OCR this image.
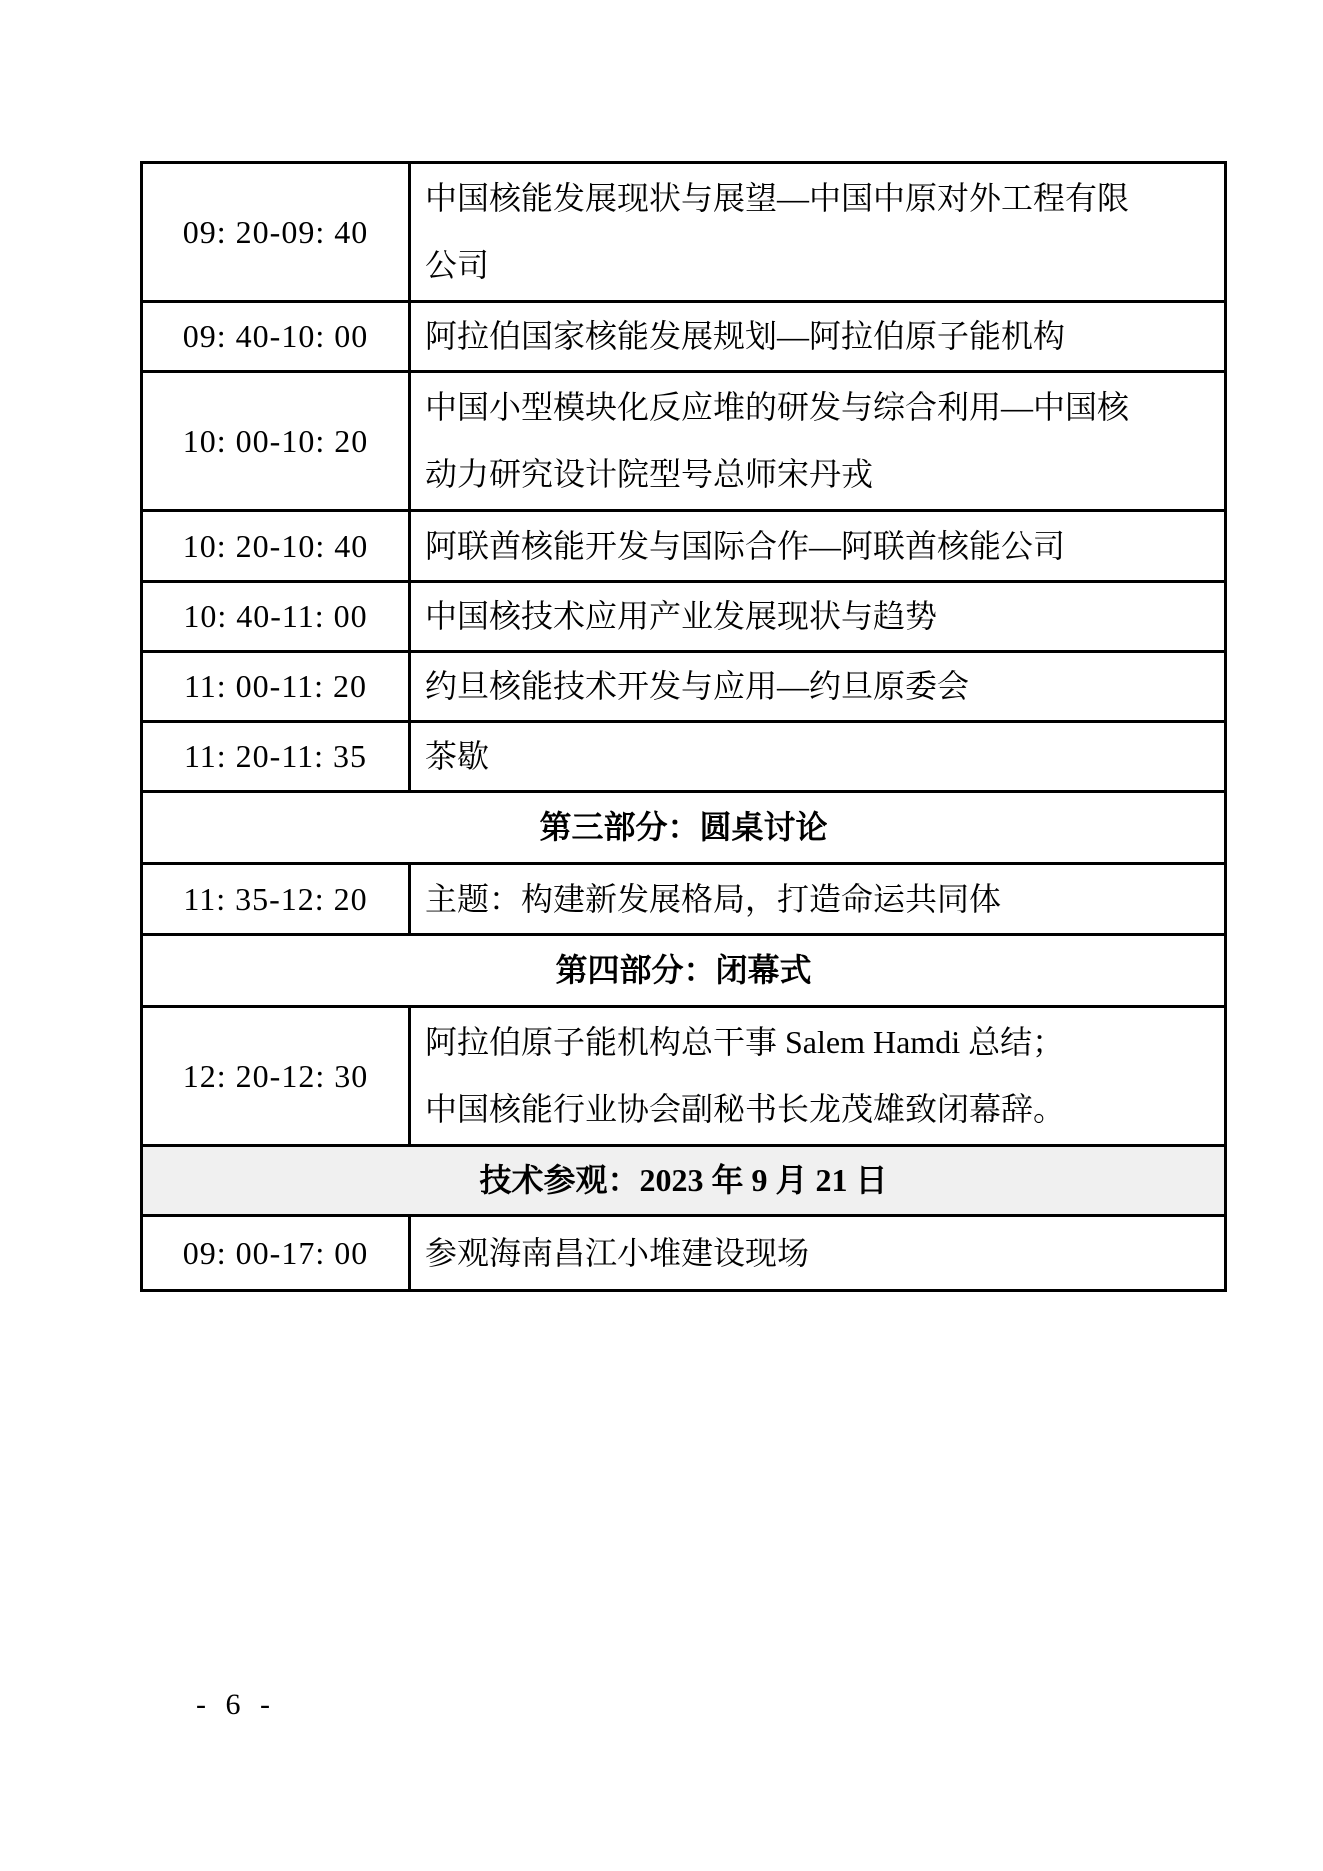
09: 20-09: 40	中国核能发展现状与展望—中国中原对外工程有限
公司

09: 40-10: 00	阿拉伯国家核能发展规划—阿拉伯原子能机构

10: 00-10: 20	中国小型模块化反应堆的研发与综合利用—中国核
动力研究设计院型号总师宋丹戎

10: 20-10: 40	阿联酋核能开发与国际合作—阿联酋核能公司

10: 40-11: 00	中国核技术应用产业发展现状与趋势

11: 00-11: 20	约旦核能技术开发与应用—约旦原委会

11: 20-11: 35	茶歇

第三部分：圆桌讨论	
11: 35-12: 20	主题：构建新发展格局，打造命运共同体

第四部分：闭幕式	
12: 20-12: 30	阿拉伯原子能机构总干事 Salem Hamdi 总结；
中国核能行业协会副秘书长龙茂雄致闭幕辞。

技术参观：2023 年 9 月 21 日	
09: 00-17: 00	参观海南昌江小堆建设现场
- 6 -
